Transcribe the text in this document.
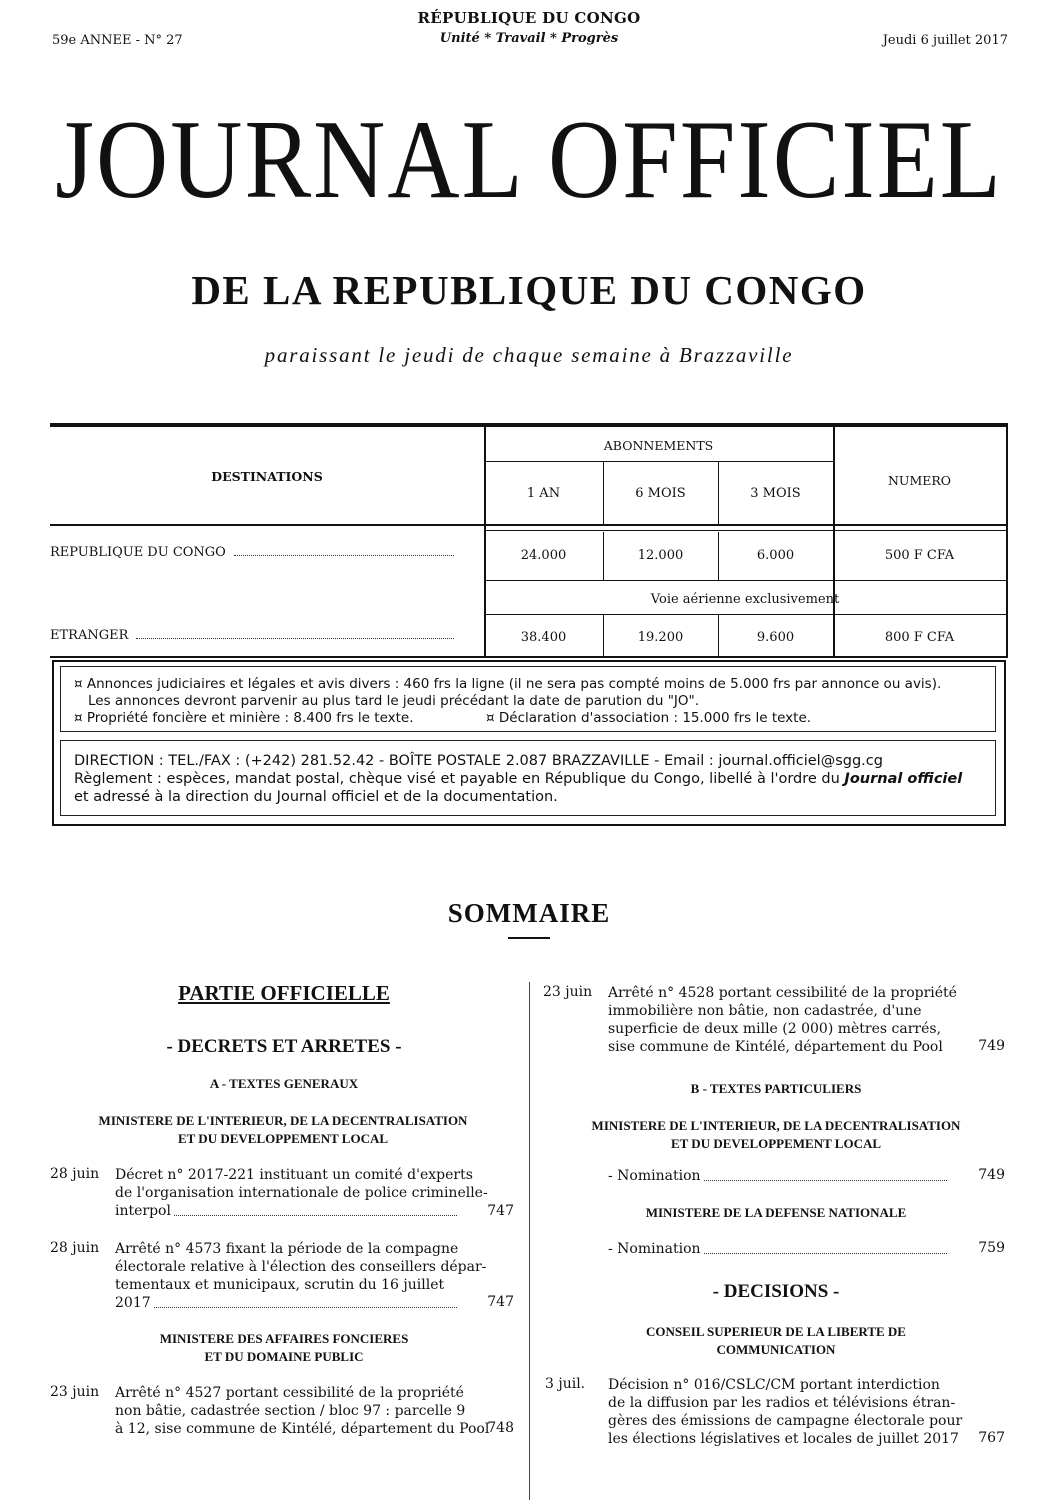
RÉPUBLIQUE DU CONGO
Unité * Travail * Progrès
59e ANNEE - N° 27	Jeudi 6 juillet 2017
JOURNAL OFFICIEL
DE LA REPUBLIQUE DU CONGO
paraissant le jeudi de chaque semaine à Brazzaville
DESTINATIONS
ABONNEMENTS
NUMERO
1 AN	6 MOIS	3 MOIS
REPUBLIQUE DU CONGO	24.000	12.000	6.000	500 F CFA
Voie aérienne exclusivement
ETRANGER	38.400	19.200	9.600	800 F CFA
¤ Annonces judiciaires et légales et avis divers : 460 frs la ligne (il ne sera pas compté moins de 5.000 frs par annonce ou avis).
Les annonces devront parvenir au plus tard le jeudi précédant la date de parution du "JO".
¤ Propriété foncière et minière : 8.400 frs le texte.	¤ Déclaration d'association : 15.000 frs le texte.
DIRECTION : TEL./FAX : (+242) 281.52.42 - BOÎTE POSTALE 2.087 BRAZZAVILLE - Email : journal.officiel@sgg.cg
Règlement : espèces, mandat postal, chèque visé et payable en République du Congo, libellé à l'ordre du Journal officiel
et adressé à la direction du Journal officiel et de la documentation.
SOMMAIRE
PARTIE OFFICIELLE
- DECRETS ET ARRETES -
A - TEXTES GENERAUX
MINISTERE DE L'INTERIEUR, DE LA DECENTRALISATION
ET DU DEVELOPPEMENT LOCAL
28 juin Décret n° 2017-221 instituant un comité d'experts
de l'organisation internationale de police criminelle-
interpol	747
28 juin Arrêté n° 4573 fixant la période de la compagne
électorale relative à l'élection des conseillers dépar-
tementaux et municipaux, scrutin du 16 juillet
2017	747
MINISTERE DES AFFAIRES FONCIERES
ET DU DOMAINE PUBLIC
23 juin Arrêté n° 4527 portant cessibilité de la propriété
non bâtie, cadastrée section / bloc 97 : parcelle 9
à 12, sise commune de Kintélé, département du Pool
748
23 juin Arrêté n° 4528 portant cessibilité de la propriété
immobilière non bâtie, non cadastrée, d'une
superficie de deux mille (2 000) mètres carrés,
sise commune de Kintélé, département du Pool	749
B - TEXTES PARTICULIERS
MINISTERE DE L'INTERIEUR, DE LA DECENTRALISATION
ET DU DEVELOPPEMENT LOCAL
- Nomination	749
MINISTERE DE LA DEFENSE NATIONALE
- Nomination	759
- DECISIONS -
CONSEIL SUPERIEUR DE LA LIBERTE DE
COMMUNICATION
3 juil. Décision n° 016/CSLC/CM portant interdiction
de la diffusion par les radios et télévisions étran-
gères des émissions de campagne électorale pour
les élections législatives et locales de juillet 2017	767
